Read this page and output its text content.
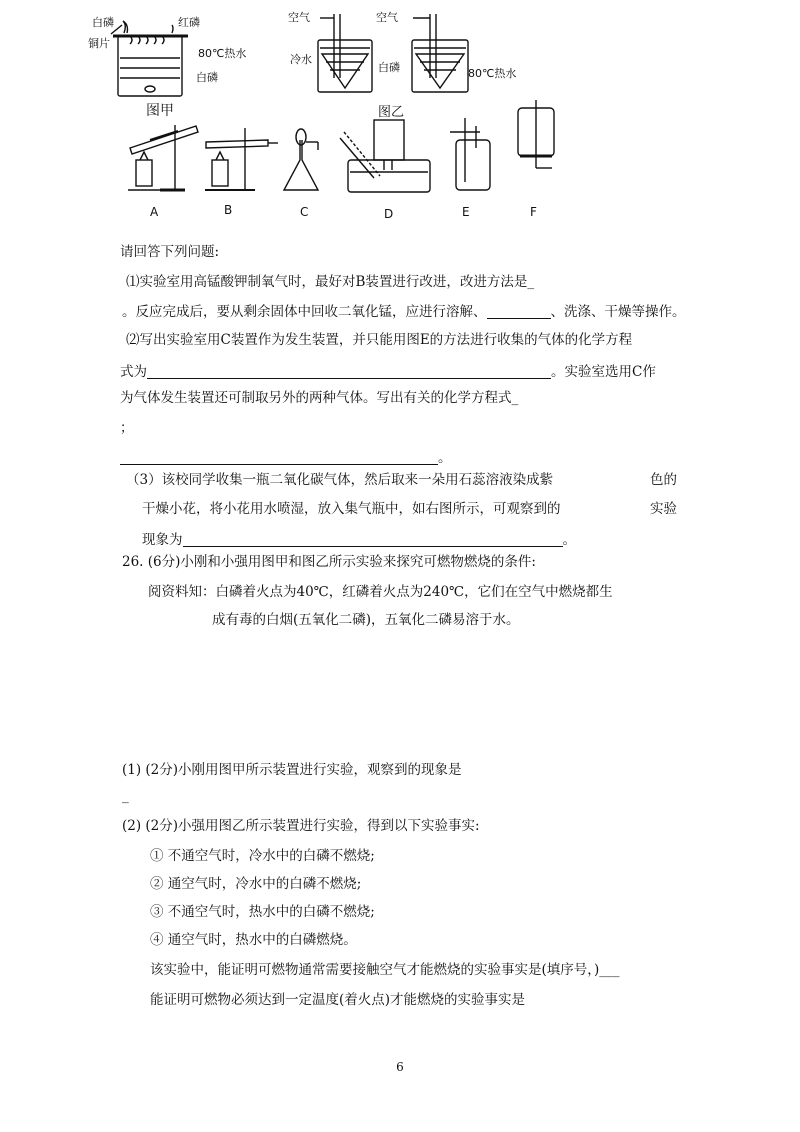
白磷	红磷
铜片
80℃热水
白磷
空气	空气
冷水
白磷	80℃热水
图甲	图乙
A	B	C	D	E	F
请回答下列问题:
⑴实验室用高锰酸钾制氧气时，最好对B装置进行改进，改进方法是_
。反应完成后，要从剩余固体中回收二氧化锰，应进行溶解、	、洗涤、干燥等操作。
⑵写出实验室用C装置作为发生装置，并只能用图E的方法进行收集的气体的化学方程
式为	。实验室选用C作
为气体发生装置还可制取另外的两种气体。写出有关的化学方程式_
；
。
（3）该校同学收集一瓶二氧化碳气体，然后取来一朵用石蕊溶液染成紫	色的
干燥小花，将小花用水喷湿，放入集气瓶中，如右图所示，可观察到的	实验
现象为	。
26. (6分)小刚和小强用图甲和图乙所示实验来探究可燃物燃烧的条件:
阅资料知：白磷着火点为40℃，红磷着火点为240℃，它们在空气中燃烧都生
成有毒的白烟(五氧化二磷)，五氧化二磷易溶于水。
(1) (2分)小刚用图甲所示装置进行实验，观察到的现象是
_
(2) (2分)小强用图乙所示装置进行实验，得到以下实验事实:
① 不通空气时，冷水中的白磷不燃烧;
② 通空气时，冷水中的白磷不燃烧;
③ 不通空气时，热水中的白磷不燃烧;
④ 通空气时，热水中的白磷燃烧。
该实验中，能证明可燃物通常需要接触空气才能燃烧的实验事实是(填序号，)___
能证明可燃物必须达到一定温度(着火点)才能燃烧的实验事实是
6
